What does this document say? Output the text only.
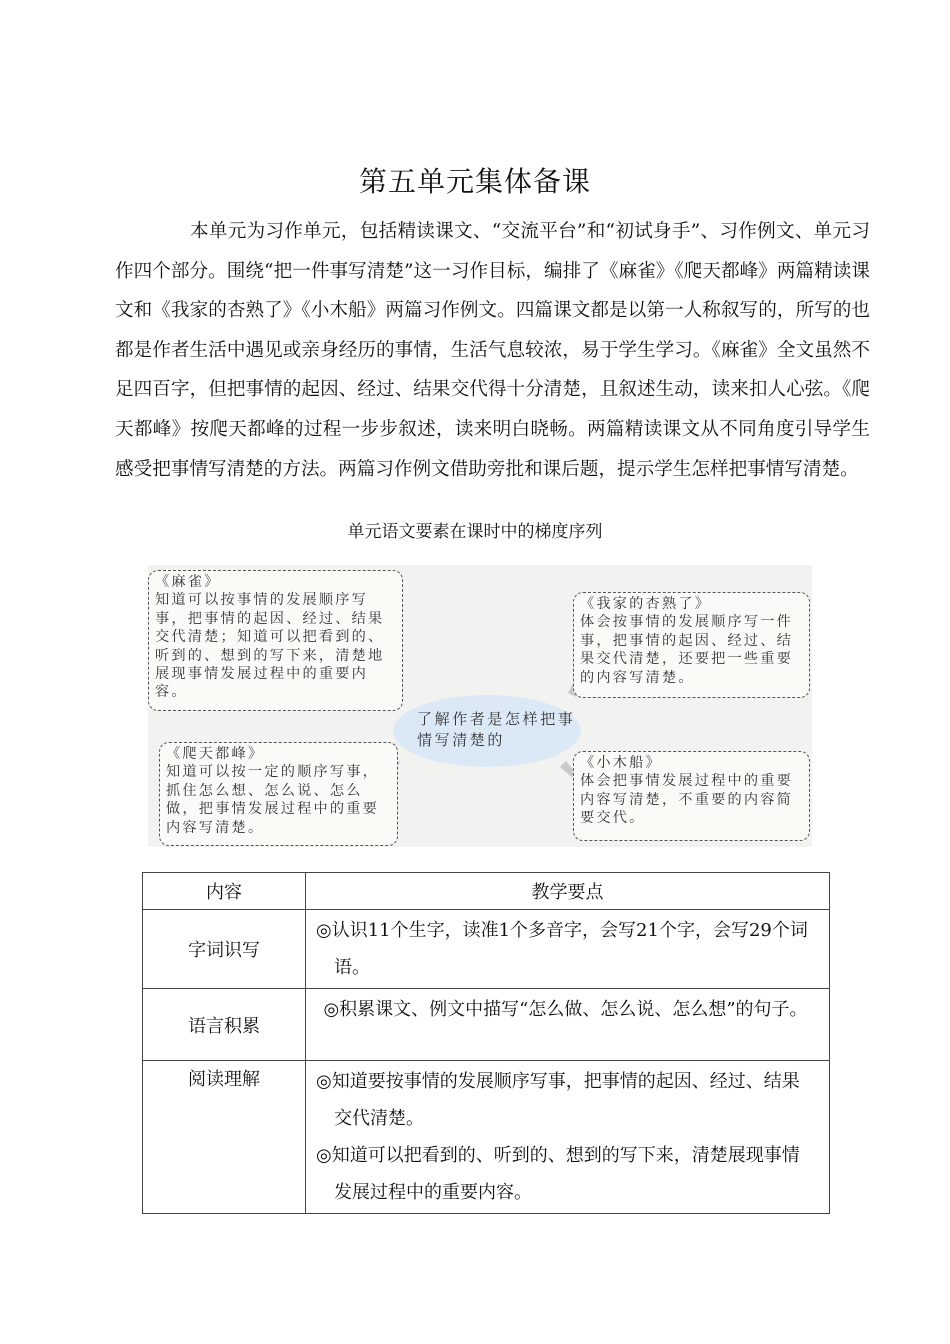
第五单元集体备课

本单元为习作单元，包括精读课文、“交流平台”和“初试身手”、习作例文、单元习作四个部分。围绕“把一件事写清楚”这一习作目标，编排了《麻雀》《爬天都峰》两篇精读课文和《我家的杏熟了》《小木船》两篇习作例文。四篇课文都是以第一人称叙写的，所写的也都是作者生活中遇见或亲身经历的事情，生活气息较浓，易于学生学习。《麻雀》全文虽然不足四百字，但把事情的起因、经过、结果交代得十分清楚，且叙述生动，读来扣人心弦。《爬天都峰》按爬天都峰的过程一步步叙述，读来明白晓畅。两篇精读课文从不同角度引导学生感受把事情写清楚的方法。两篇习作例文借助旁批和课后题，提示学生怎样把事情写清楚。

单元语文要素在课时中的梯度序列
《麻雀》
知道可以按事情的发展顺序写事，把事情的起因、经过、结果交代清楚；知道可以把看到的、听到的、想到的写下来，清楚地展现事情发展过程中的重要内容。
《我家的杏熟了》
体会按事情的发展顺序写一件事，把事情的起因、经过、结果交代清楚，还要把一些重要的内容写清楚。
《爬天都峰》
知道可以按一定的顺序写事，抓住怎么想、怎么说、怎么做，把事情发展过程中的重要内容写清楚。
《小木船》
体会把事情发展过程中的重要内容写清楚，不重要的内容简要交代。
了解作者是怎样把事情写清楚的
内容	教学要点
字词识写	◎认识11个生字，读准1个多音字，会写21个字，会写29个词语。

语言积累	◎积累课文、例文中描写“怎么做、怎么说、怎么想”的句子。

阅读理解	◎知道要按事情的发展顺序写事，把事情的起因、经过、结果交代清楚。
◎知道可以把看到的、听到的、想到的写下来，清楚展现事情发展过程中的重要内容。
